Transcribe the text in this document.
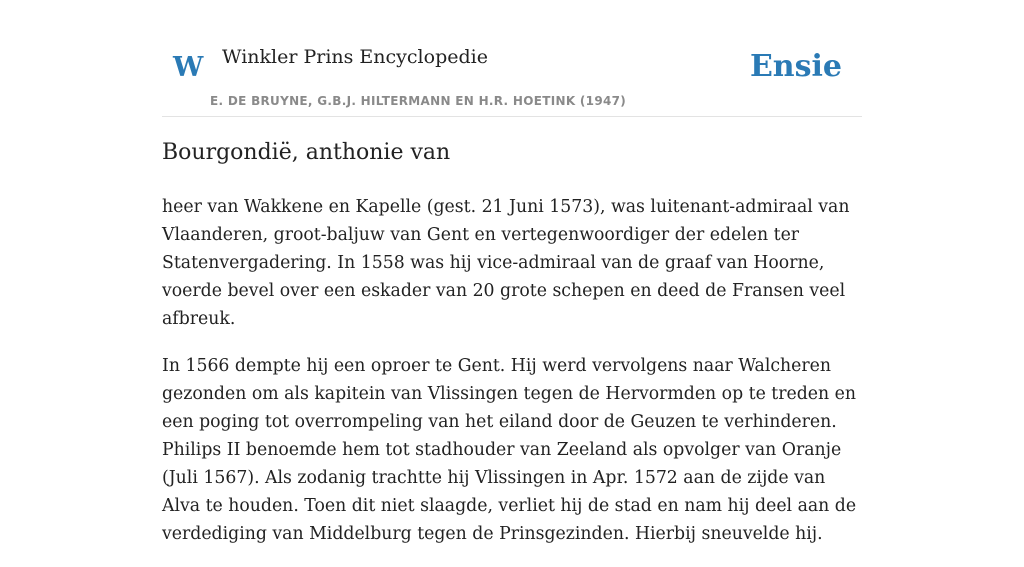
W Winkler Prins Encyclopedie
E. DE BRUYNE, G.B.J. HILTERMANN EN H.R. HOETINK (1947)
Ensie
Bourgondië, anthonie van

heer van Wakkene en Kapelle (gest. 21 Juni 1573), was luitenant-admiraal van Vlaanderen, groot-baljuw van Gent en vertegenwoordiger der edelen ter Statenvergadering. In 1558 was hij vice-admiraal van de graaf van Hoorne, voerde bevel over een eskader van 20 grote schepen en deed de Fransen veel afbreuk.

In 1566 dempte hij een oproer te Gent. Hij werd vervolgens naar Walcheren gezonden om als kapitein van Vlissingen tegen de Hervormden op te treden en een poging tot overrompeling van het eiland door de Geuzen te verhinderen. Philips II benoemde hem tot stadhouder van Zeeland als opvolger van Oranje (Juli 1567). Als zodanig trachtte hij Vlissingen in Apr. 1572 aan de zijde van Alva te houden. Toen dit niet slaagde, verliet hij de stad en nam hij deel aan de verdediging van Middelburg tegen de Prinsgezinden. Hierbij sneuvelde hij.
